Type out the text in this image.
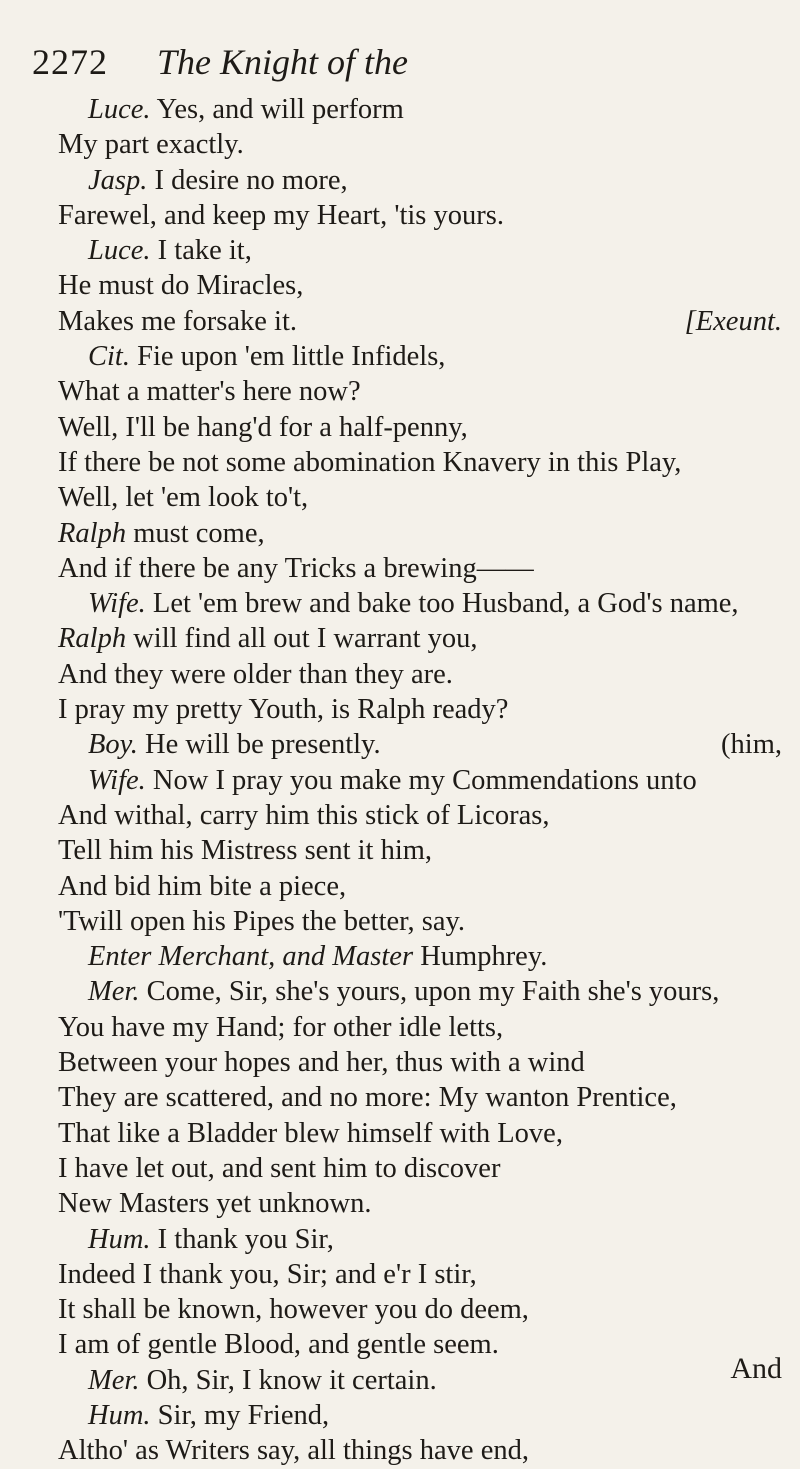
2272 The Knight of the
Luce. Yes, and will perform
My part exactly.
Jasp. I desire no more,
Farewel, and keep my Heart, 'tis yours.
Luce. I take it,
He must do Miracles,
Makes me forsake it.	[Exeunt.
Cit. Fie upon 'em little Infidels,
What a matter's here now?
Well, I'll be hang'd for a half-penny,
If there be not some abomination Knavery in this Play,
Well, let 'em look to't,
Ralph must come,
And if there be any Tricks a brewing——
Wife. Let 'em brew and bake too Husband, a God's name,
Ralph will find all out I warrant you,
And they were older than they are.
I pray my pretty Youth, is Ralph ready?
Boy. He will be presently.	(him,
Wife. Now I pray you make my Commendations unto
And withal, carry him this stick of Licoras,
Tell him his Mistress sent it him,
And bid him bite a piece,
'Twill open his Pipes the better, say.
Enter Merchant, and Master Humphrey.
Mer. Come, Sir, she's yours, upon my Faith she's yours,
You have my Hand; for other idle letts,
Between your hopes and her, thus with a wind
They are scattered, and no more: My wanton Prentice,
That like a Bladder blew himself with Love,
I have let out, and sent him to discover
New Masters yet unknown.
Hum. I thank you Sir,
Indeed I thank you, Sir; and e'r I stir,
It shall be known, however you do deem,
I am of gentle Blood, and gentle seem.
Mer. Oh, Sir, I know it certain.
Hum. Sir, my Friend,
Altho' as Writers say, all things have end,
And
